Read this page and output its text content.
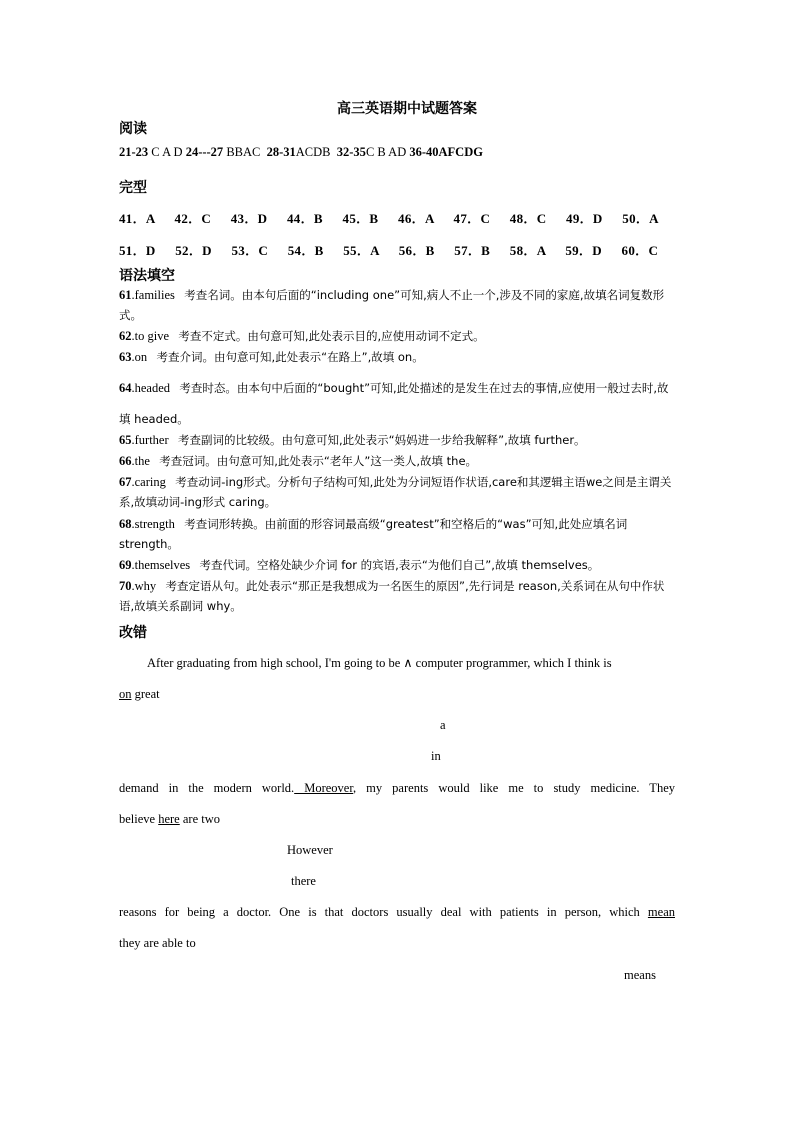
高三英语期中试题答案
阅读
21-23 C A D 24---27 BBAC  28-31ACDB  32-35C B AD 36-40AFCDG
完型
41．A   42．C   43．D   44．B   45．B   46．A   47．C   48．C   49．D   50．A
51．D   52．D   53．C   54．B   55．A   56．B   57．B   58．A   59．D   60．C
语法填空
61.families 考查名词。由本句后面的“including one”可知,病人不止一个,涉及不同的家庭,故填名词复数形式。
62.to give 考查不定式。由句意可知,此处表示目的,应使用动词不定式。
63.on 考查介词。由句意可知,此处表示“在路上”,故填 on。
64.headed 考查时态。由本句中后面的“bought”可知,此处描述的是发生在过去的事情,应使用一般过去时,故填 headed。
65.further 考查副词的比较级。由句意可知,此处表示“妈妈进一步给我解释”,故填 further。
66.the 考查冠词。由句意可知,此处表示“老年人”这一类人,故填 the。
67.caring 考查动词-ing形式。分析句子结构可知,此处为分词短语作状语,care和其逻辑主语we之间是主谓关系,故填动词-ing形式 caring。
68.strength 考查词形转换。由前面的形容词最高级“greatest”和空格后的“was”可知,此处应填名词 strength。
69.themselves 考查代词。空格处缺少介词 for 的宾语,表示“为他们自己”,故填 themselves。
70.why 考查定语从句。此处表示“那正是我想成为一名医生的原因”,先行词是 reason,关系词在从句中作状语,故填关系副词 why。
改错
After graduating from high school, I'm going to be ∧ computer programmer, which I think is
on great
a
in
demand in the modern world. Moreover, my parents would like me to study medicine. They
believe here are two
However
there
reasons for being a doctor. One is that doctors usually deal with patients in person, which mean
they are able to
means
